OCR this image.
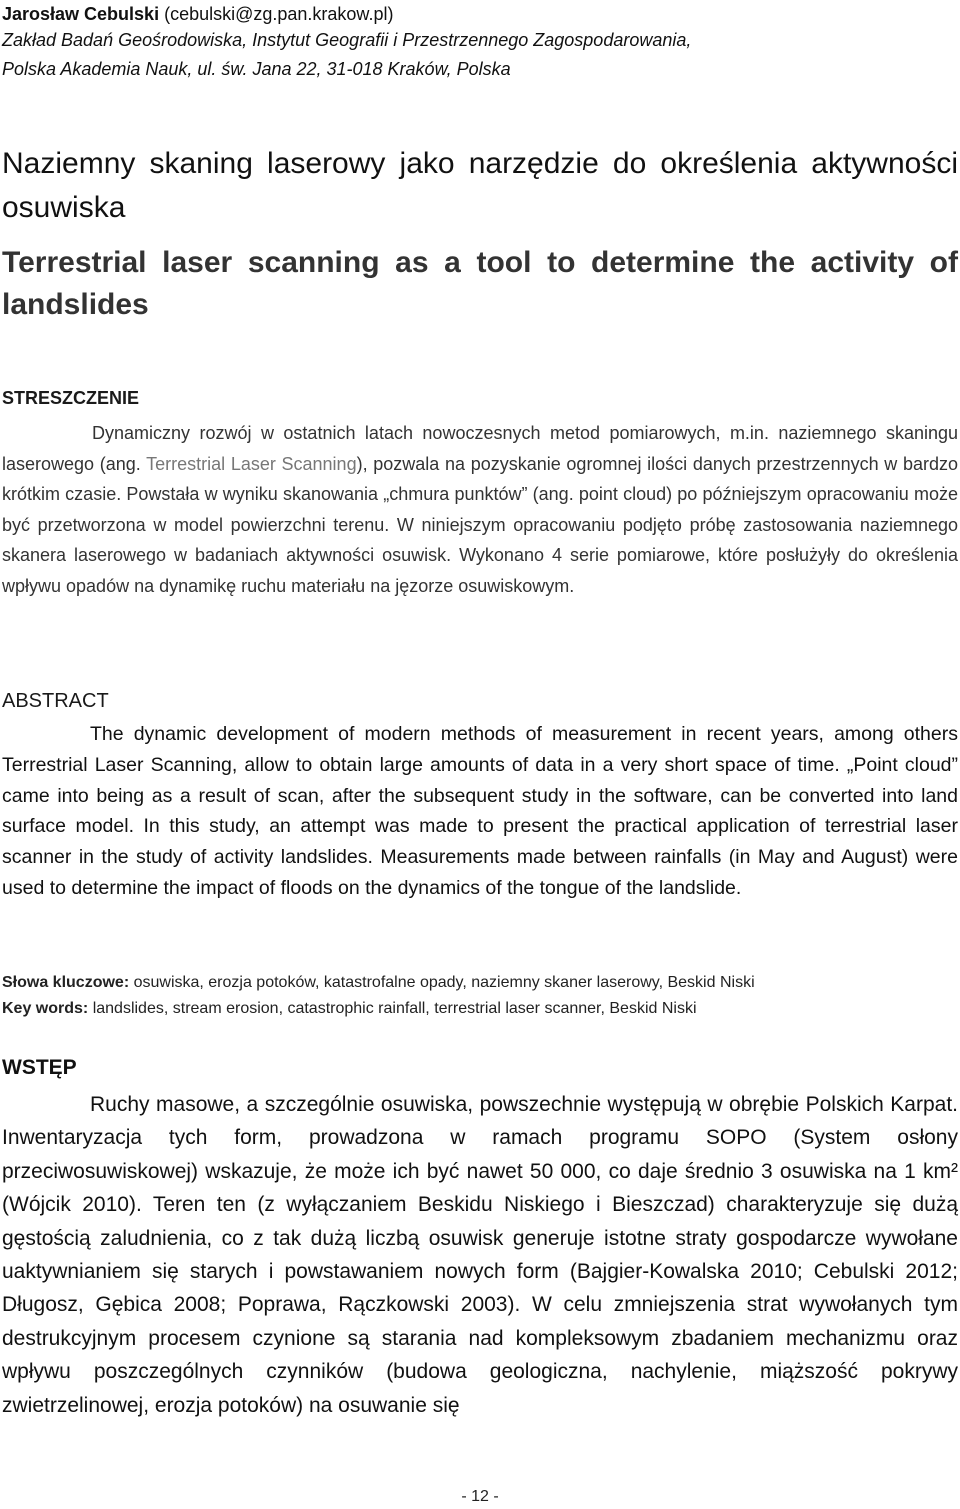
Jarosław Cebulski (cebulski@zg.pan.krakow.pl)
Zakład Badań Geośrodowiska, Instytut Geografii i Przestrzennego Zagospodarowania,
Polska Akademia Nauk, ul. św. Jana 22, 31-018 Kraków, Polska
Naziemny skaning laserowy jako narzędzie do określenia aktywności osuwiska
Terrestrial laser scanning as a tool to determine the activity of landslides
STRESZCZENIE

Dynamiczny rozwój w ostatnich latach nowoczesnych metod pomiarowych, m.in. naziemnego skaningu laserowego (ang. Terrestrial Laser Scanning), pozwala na pozyskanie ogromnej ilości danych przestrzennych w bardzo krótkim czasie. Powstała w wyniku skanowania „chmura punktów” (ang. point cloud) po późniejszym opracowaniu może być przetworzona w model powierzchni terenu. W niniejszym opracowaniu podjęto próbę zastosowania naziemnego skanera laserowego w badaniach aktywności osuwisk. Wykonano 4 serie pomiarowe, które posłużyły do określenia wpływu opadów na dynamikę ruchu materiału na jęzorze osuwiskowym.

ABSTRACT

The dynamic development of modern methods of measurement in recent years, among others Terrestrial Laser Scanning, allow to obtain large amounts of data in a very short space of time. „Point cloud” came into being as a result of scan, after the subsequent study in the software, can be converted into land surface model. In this study, an attempt was made to present the practical application of terrestrial laser scanner in the study of activity landslides. Measurements made between rainfalls (in May and August) were used to determine the impact of floods on the dynamics of the tongue of the landslide.

Słowa kluczowe: osuwiska, erozja potoków, katastrofalne opady, naziemny skaner laserowy, Beskid Niski
Key words: landslides, stream erosion, catastrophic rainfall, terrestrial laser scanner, Beskid Niski
WSTĘP

Ruchy masowe, a szczególnie osuwiska, powszechnie występują w obrębie Polskich Karpat. Inwentaryzacja tych form, prowadzona w ramach programu SOPO (System osłony przeciwosuwiskowej) wskazuje, że może ich być nawet 50 000, co daje średnio 3 osuwiska na 1 km² (Wójcik 2010). Teren ten (z wyłączaniem Beskidu Niskiego i Bieszczad) charakteryzuje się dużą gęstością zaludnienia, co z tak dużą liczbą osuwisk generuje istotne straty gospodarcze wywołane uaktywnianiem się starych i powstawaniem nowych form (Bajgier-Kowalska 2010; Cebulski 2012; Długosz, Gębica 2008; Poprawa, Rączkowski 2003). W celu zmniejszenia strat wywołanych tym destrukcyjnym procesem czynione są starania nad kompleksowym zbadaniem mechanizmu oraz wpływu poszczególnych czynników (budowa geologiczna, nachylenie, miąższość pokrywy zwietrzelinowej, erozja potoków) na osuwanie się

- 12 -
